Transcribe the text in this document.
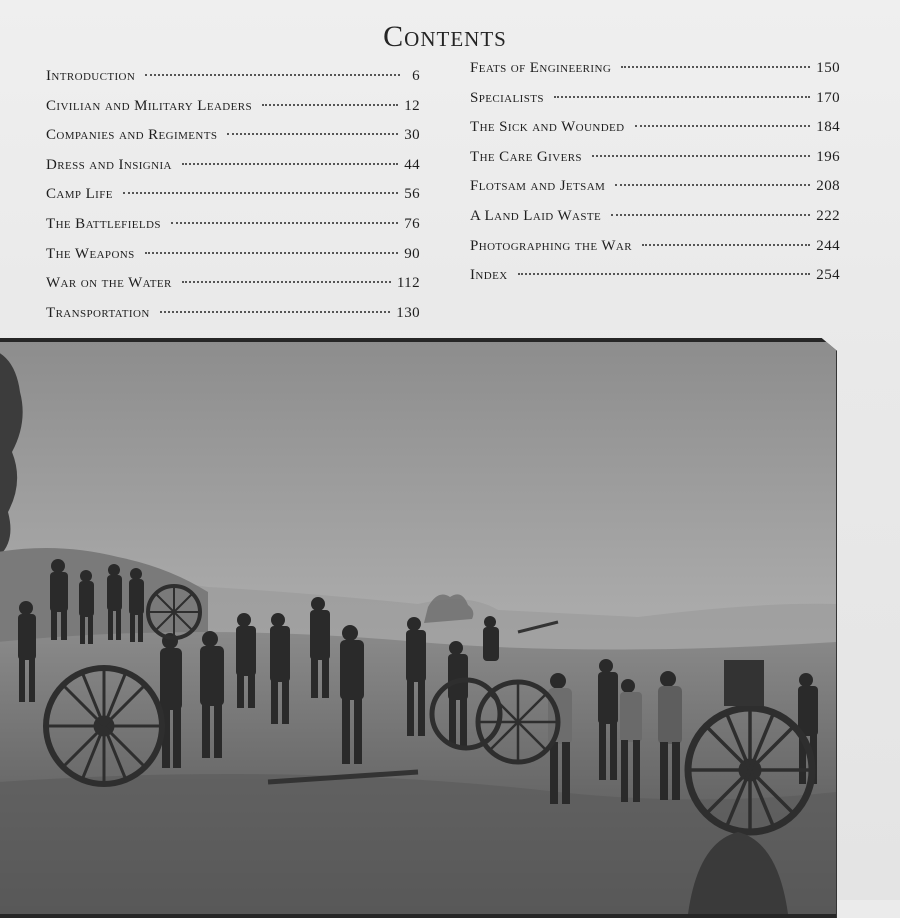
Contents
Introduction	6
Civilian and Military Leaders	12
Companies and Regiments	30
Dress and Insignia	44
Camp Life	56
The Battlefields	76
The Weapons	90
War on the Water	112
Transportation	130
Feats of Engineering	150
Specialists	170
The Sick and Wounded	184
The Care Givers	196
Flotsam and Jetsam	208
A Land Laid Waste	222
Photographing the War	244
Index	254
